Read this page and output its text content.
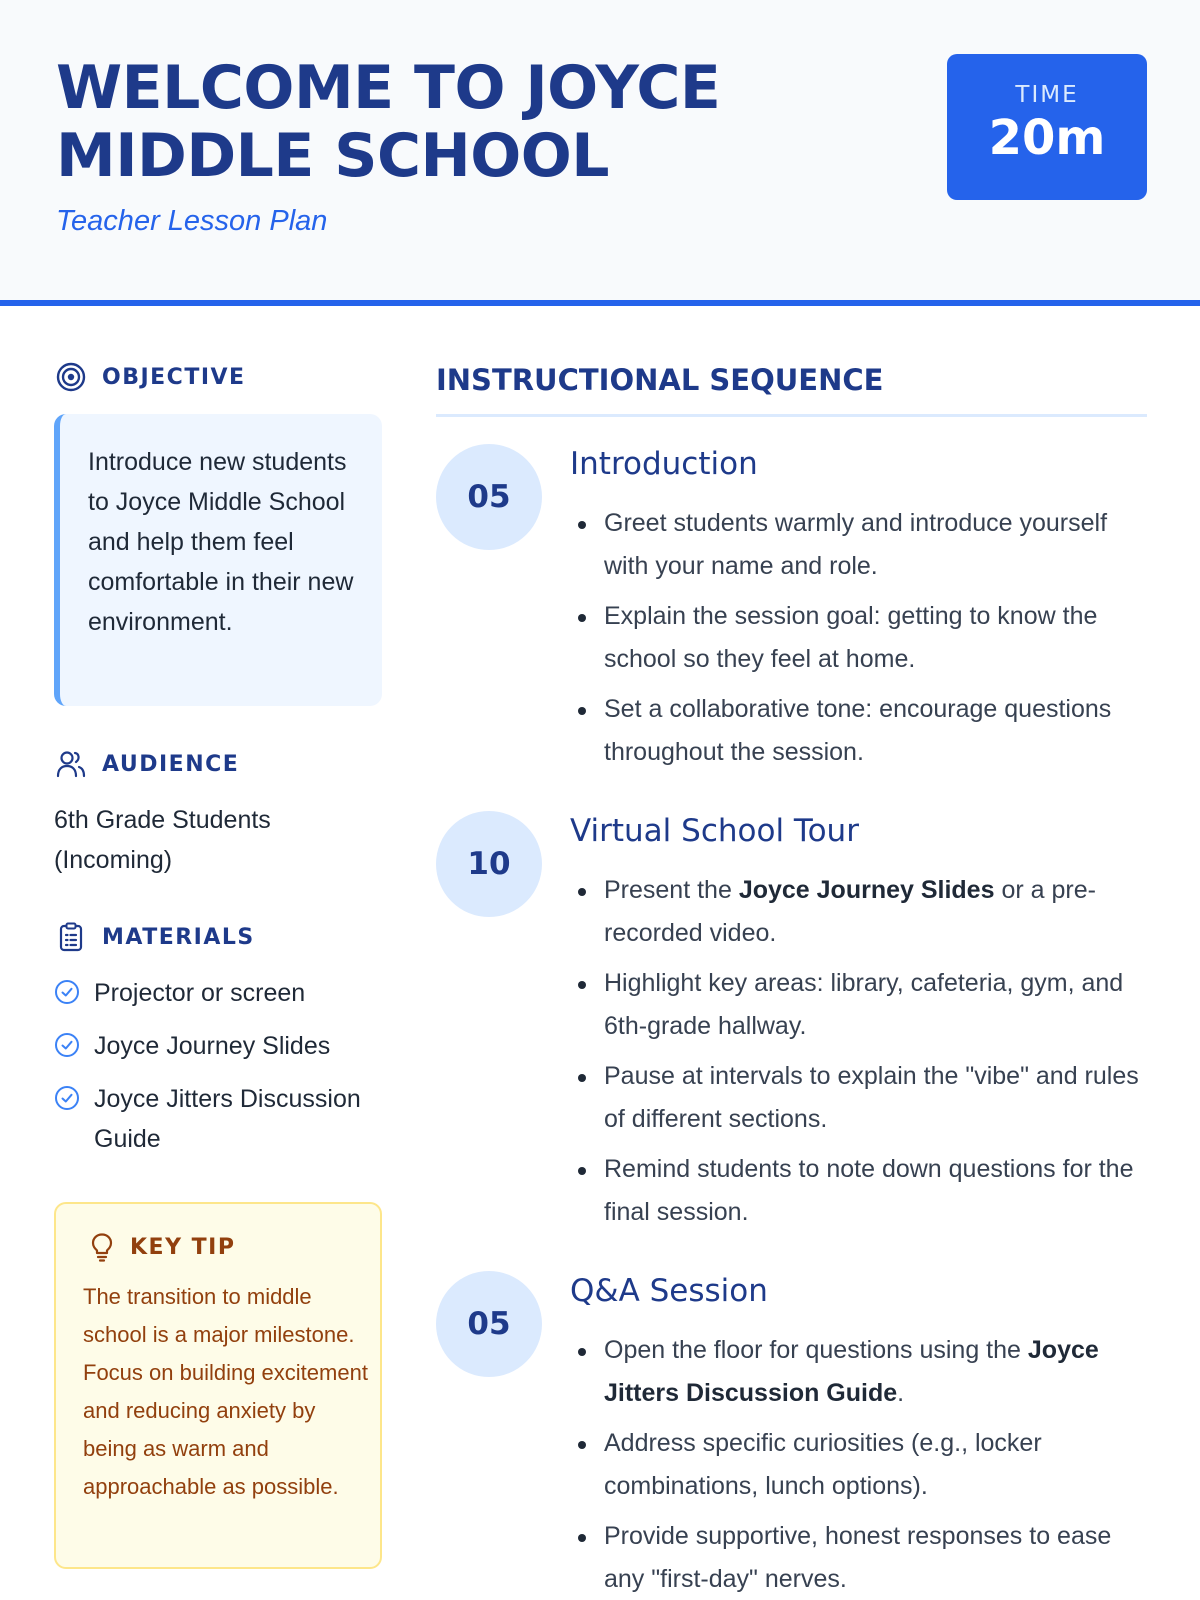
WELCOME TO JOYCE MIDDLE SCHOOL
Teacher Lesson Plan
TIME
20m
OBJECTIVE
Introduce new students to Joyce Middle School and help them feel comfortable in their new environment.
AUDIENCE
6th Grade Students (Incoming)
MATERIALS
Projector or screen
Joyce Journey Slides
Joyce Jitters Discussion Guide
KEY TIP
The transition to middle school is a major milestone. Focus on building excitement and reducing anxiety by being as warm and approachable as possible.
INSTRUCTIONAL SEQUENCE
05
Introduction
Greet students warmly and introduce yourself with your name and role.
Explain the session goal: getting to know the school so they feel at home.
Set a collaborative tone: encourage questions throughout the session.
10
Virtual School Tour
Present the Joyce Journey Slides or a pre-recorded video.
Highlight key areas: library, cafeteria, gym, and 6th-grade hallway.
Pause at intervals to explain the "vibe" and rules of different sections.
Remind students to note down questions for the final session.
05
Q&A Session
Open the floor for questions using the Joyce Jitters Discussion Guide.
Address specific curiosities (e.g., locker combinations, lunch options).
Provide supportive, honest responses to ease any "first-day" nerves.
